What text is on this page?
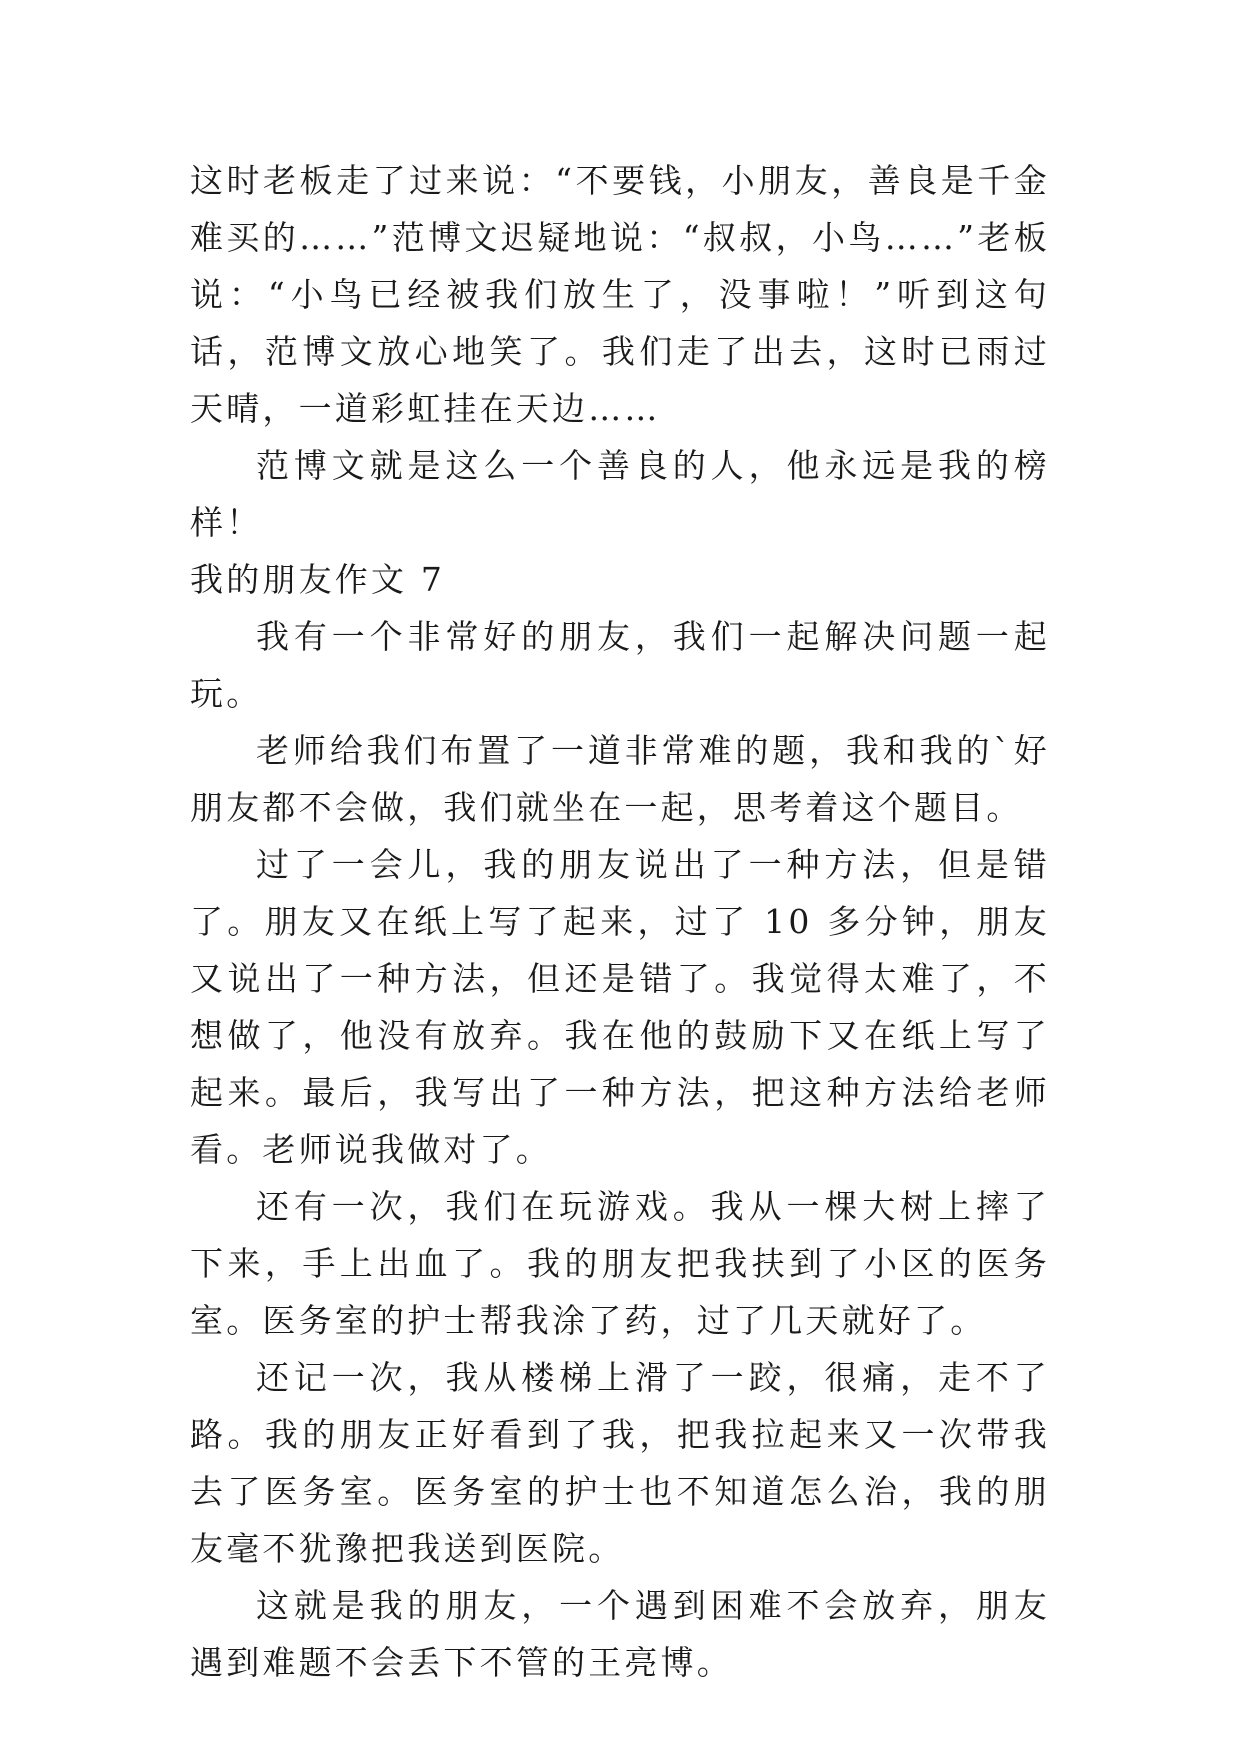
这时老板走了过来说：“不要钱，小朋友，善良是千金难买的……”范博文迟疑地说：“叔叔，小鸟……”老板说：“小鸟已经被我们放生了，没事啦！”听到这句话，范博文放心地笑了。我们走了出去，这时已雨过天晴，一道彩虹挂在天边……

范博文就是这么一个善良的人，他永远是我的榜样！

我的朋友作文 7

我有一个非常好的朋友，我们一起解决问题一起玩。

老师给我们布置了一道非常难的题，我和我的`好朋友都不会做，我们就坐在一起，思考着这个题目。

过了一会儿，我的朋友说出了一种方法，但是错了。朋友又在纸上写了起来，过了 10 多分钟，朋友又说出了一种方法，但还是错了。我觉得太难了，不想做了，他没有放弃。我在他的鼓励下又在纸上写了起来。最后，我写出了一种方法，把这种方法给老师看。老师说我做对了。

还有一次，我们在玩游戏。我从一棵大树上摔了下来，手上出血了。我的朋友把我扶到了小区的医务室。医务室的护士帮我涂了药，过了几天就好了。

还记一次，我从楼梯上滑了一跤，很痛，走不了路。我的朋友正好看到了我，把我拉起来又一次带我去了医务室。医务室的护士也不知道怎么治，我的朋友毫不犹豫把我送到医院。

这就是我的朋友，一个遇到困难不会放弃，朋友遇到难题不会丢下不管的王亮博。
